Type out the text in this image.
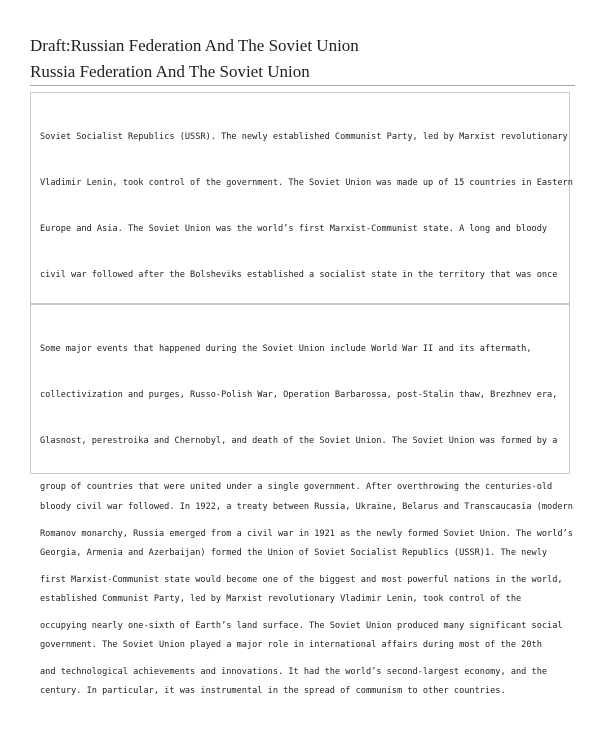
Draft:Russian Federation And The Soviet Union
Russia Federation And The Soviet Union

Soviet Socialist Republics (USSR). The newly established Communist Party, led by Marxist revolutionary

Vladimir Lenin, took control of the government. The Soviet Union was made up of 15 countries in Eastern

Europe and Asia. The Soviet Union was the world’s first Marxist-Communist state. A long and bloody

civil war followed after the Bolsheviks established a socialist state in the territory that was once

bloody civil war followed. In 1922, a treaty between Russia, Ukraine, Belarus and Transcaucasia (modern

Georgia, Armenia and Azerbaijan) formed the Union of Soviet Socialist Republics (USSR)1. The newly

established Communist Party, led by Marxist revolutionary Vladimir Lenin, took control of the

government. The Soviet Union played a major role in international affairs during most of the 20th

century. In particular, it was instrumental in the spread of communism to other countries.

Some major events that happened during the Soviet Union include World War II and its aftermath,

collectivization and purges, Russo-Polish War, Operation Barbarossa, post-Stalin thaw, Brezhnev era,

Glasnost, perestroika and Chernobyl, and death of the Soviet Union. The Soviet Union was formed by a

group of countries that were united under a single government. After overthrowing the centuries-old

Romanov monarchy, Russia emerged from a civil war in 1921 as the newly formed Soviet Union. The world’s

first Marxist-Communist state would become one of the biggest and most powerful nations in the world,

occupying nearly one-sixth of Earth’s land surface. The Soviet Union produced many significant social

and technological achievements and innovations. It had the world’s second-largest economy, and the
